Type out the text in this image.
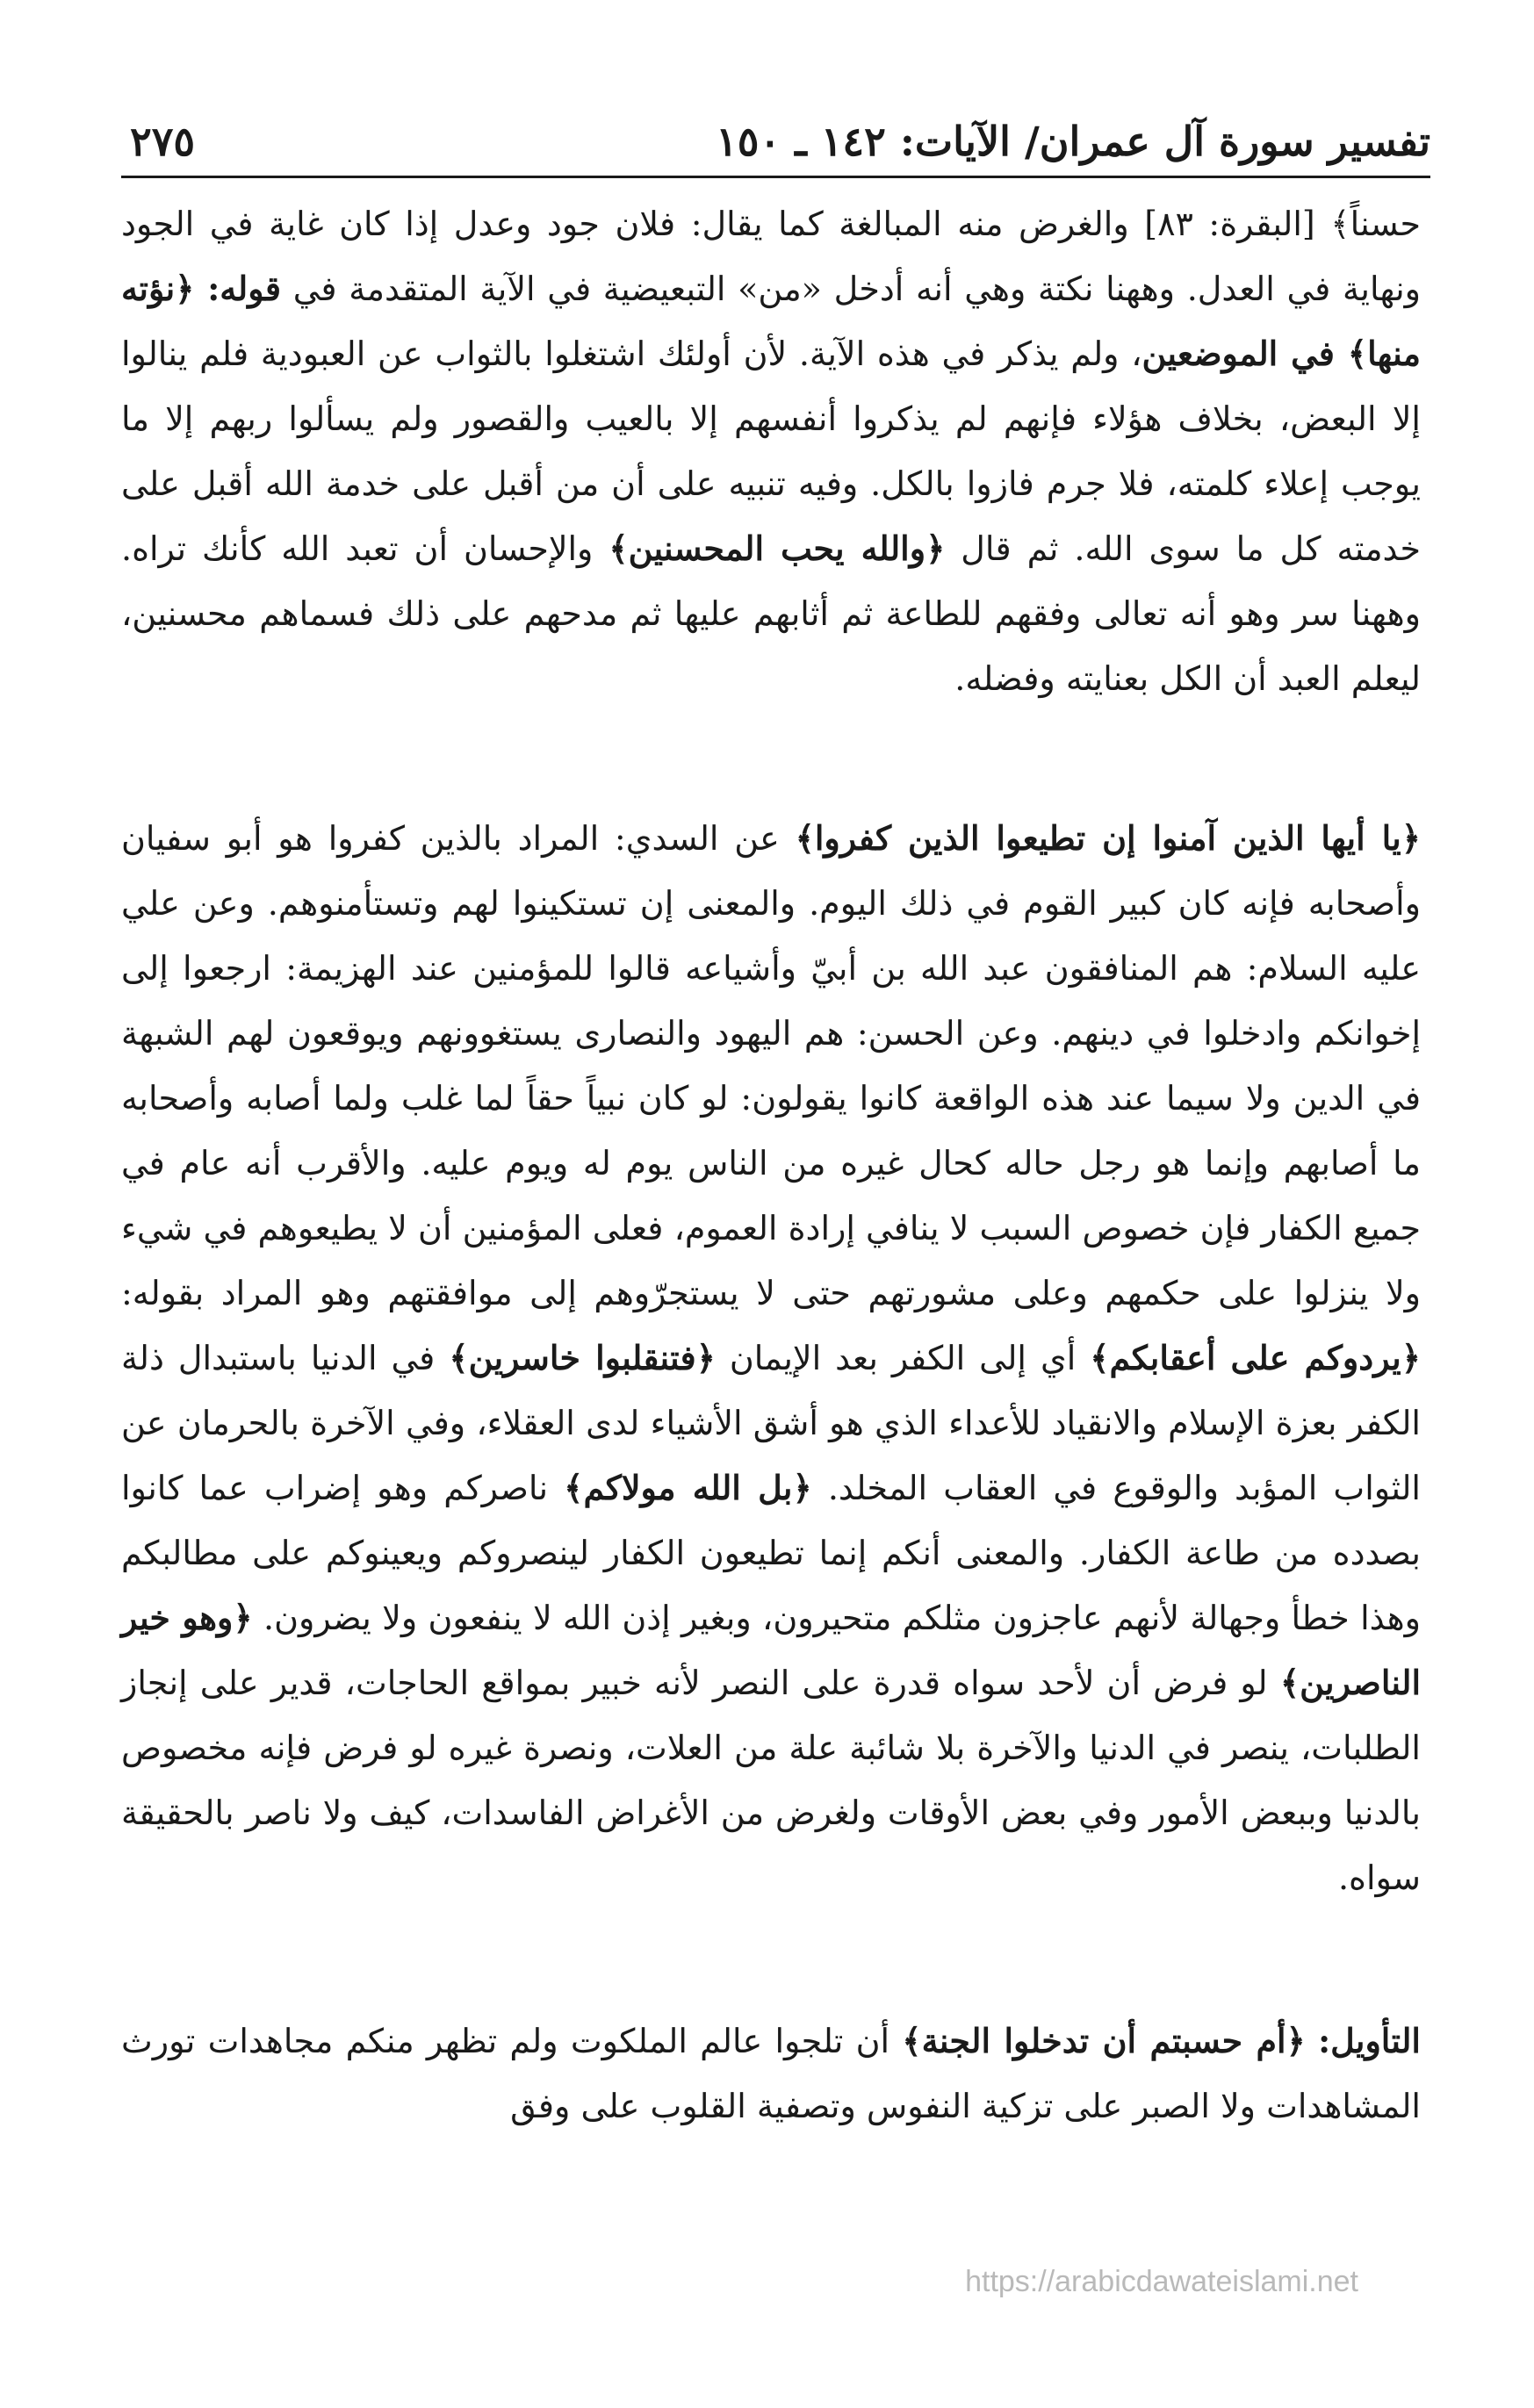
تفسير سورة آل عمران/ الآيات: ١٤٢ ـ ١٥٠
٢٧٥

حسناً﴾ [البقرة: ٨٣] والغرض منه المبالغة كما يقال: فلان جود وعدل إذا كان غاية في الجود ونهاية في العدل. وههنا نكتة وهي أنه أدخل «من» التبعيضية في الآية المتقدمة في قوله: ﴿نؤته منها﴾ في الموضعين، ولم يذكر في هذه الآية. لأن أولئك اشتغلوا بالثواب عن العبودية فلم ينالوا إلا البعض، بخلاف هؤلاء فإنهم لم يذكروا أنفسهم إلا بالعيب والقصور ولم يسألوا ربهم إلا ما يوجب إعلاء كلمته، فلا جرم فازوا بالكل. وفيه تنبيه على أن من أقبل على خدمة الله أقبل على خدمته كل ما سوى الله. ثم قال ﴿والله يحب المحسنين﴾ والإحسان أن تعبد الله كأنك تراه. وههنا سر وهو أنه تعالى وفقهم للطاعة ثم أثابهم عليها ثم مدحهم على ذلك فسماهم محسنين، ليعلم العبد أن الكل بعنايته وفضله.

﴿يا أيها الذين آمنوا إن تطيعوا الذين كفروا﴾ عن السدي: المراد بالذين كفروا هو أبو سفيان وأصحابه فإنه كان كبير القوم في ذلك اليوم. والمعنى إن تستكينوا لهم وتستأمنوهم. وعن علي عليه السلام: هم المنافقون عبد الله بن أبيّ وأشياعه قالوا للمؤمنين عند الهزيمة: ارجعوا إلى إخوانكم وادخلوا في دينهم. وعن الحسن: هم اليهود والنصارى يستغوونهم ويوقعون لهم الشبهة في الدين ولا سيما عند هذه الواقعة كانوا يقولون: لو كان نبياً حقاً لما غلب ولما أصابه وأصحابه ما أصابهم وإنما هو رجل حاله كحال غيره من الناس يوم له ويوم عليه. والأقرب أنه عام في جميع الكفار فإن خصوص السبب لا ينافي إرادة العموم، فعلى المؤمنين أن لا يطيعوهم في شيء ولا ينزلوا على حكمهم وعلى مشورتهم حتى لا يستجرّوهم إلى موافقتهم وهو المراد بقوله: ﴿يردوكم على أعقابكم﴾ أي إلى الكفر بعد الإيمان ﴿فتنقلبوا خاسرين﴾ في الدنيا باستبدال ذلة الكفر بعزة الإسلام والانقياد للأعداء الذي هو أشق الأشياء لدى العقلاء، وفي الآخرة بالحرمان عن الثواب المؤبد والوقوع في العقاب المخلد. ﴿بل الله مولاكم﴾ ناصركم وهو إضراب عما كانوا بصدده من طاعة الكفار. والمعنى أنكم إنما تطيعون الكفار لينصروكم ويعينوكم على مطالبكم وهذا خطأ وجهالة لأنهم عاجزون مثلكم متحيرون، وبغير إذن الله لا ينفعون ولا يضرون. ﴿وهو خير الناصرين﴾ لو فرض أن لأحد سواه قدرة على النصر لأنه خبير بمواقع الحاجات، قدير على إنجاز الطلبات، ينصر في الدنيا والآخرة بلا شائبة علة من العلات، ونصرة غيره لو فرض فإنه مخصوص بالدنيا وببعض الأمور وفي بعض الأوقات ولغرض من الأغراض الفاسدات، كيف ولا ناصر بالحقيقة سواه.

التأويل: ﴿أم حسبتم أن تدخلوا الجنة﴾ أن تلجوا عالم الملكوت ولم تظهر منكم مجاهدات تورث المشاهدات ولا الصبر على تزكية النفوس وتصفية القلوب على وفق

https://arabicdawateislami.net
